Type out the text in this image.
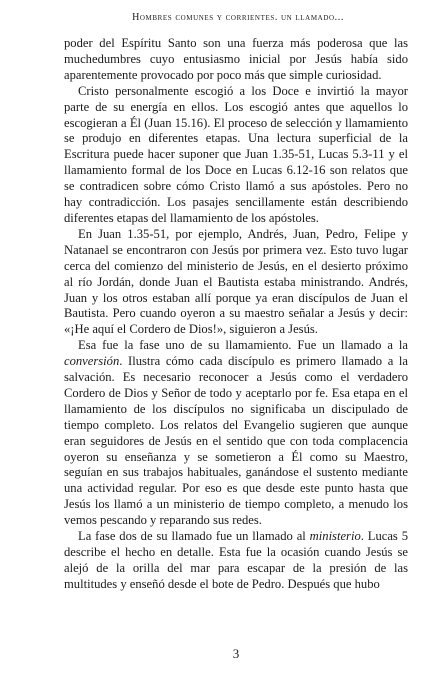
Hombres comunes y corrientes. un llamado...

poder del Espíritu Santo son una fuerza más poderosa que las muchedumbres cuyo entusiasmo inicial por Jesús había sido aparentemente provocado por poco más que simple curiosidad.

Cristo personalmente escogió a los Doce e invirtió la mayor parte de su energía en ellos. Los escogió antes que aquellos lo escogieran a Él (Juan 15.16). El proceso de selección y llamamiento se produjo en diferentes etapas. Una lectura superficial de la Escritura puede hacer suponer que Juan 1.35-51, Lucas 5.3-11 y el llamamiento formal de los Doce en Lucas 6.12-16 son relatos que se contradicen sobre cómo Cristo llamó a sus apóstoles. Pero no hay contradicción. Los pasajes sencillamente están describiendo diferentes etapas del llamamiento de los apóstoles.

En Juan 1.35-51, por ejemplo, Andrés, Juan, Pedro, Felipe y Natanael se encontraron con Jesús por primera vez. Esto tuvo lugar cerca del comienzo del ministerio de Jesús, en el desierto próximo al río Jordán, donde Juan el Bautista estaba ministrando. Andrés, Juan y los otros estaban allí porque ya eran discípulos de Juan el Bautista. Pero cuando oyeron a su maestro señalar a Jesús y decir: «¡He aquí el Cordero de Dios!», siguieron a Jesús.

Esa fue la fase uno de su llamamiento. Fue un llamado a la conversión. Ilustra cómo cada discípulo es primero llamado a la salvación. Es necesario reconocer a Jesús como el verdadero Cordero de Dios y Señor de todo y aceptarlo por fe. Esa etapa en el llamamiento de los discípulos no significaba un discipulado de tiempo completo. Los relatos del Evangelio sugieren que aunque eran seguidores de Jesús en el sentido que con toda complacencia oyeron su enseñanza y se sometieron a Él como su Maestro, seguían en sus trabajos habituales, ganándose el sustento mediante una actividad regular. Por eso es que desde este punto hasta que Jesús los llamó a un ministerio de tiempo completo, a menudo los vemos pescando y reparando sus redes.

La fase dos de su llamado fue un llamado al ministerio. Lucas 5 describe el hecho en detalle. Esta fue la ocasión cuando Jesús se alejó de la orilla del mar para escapar de la presión de las multitudes y enseñó desde el bote de Pedro. Después que hubo

3
